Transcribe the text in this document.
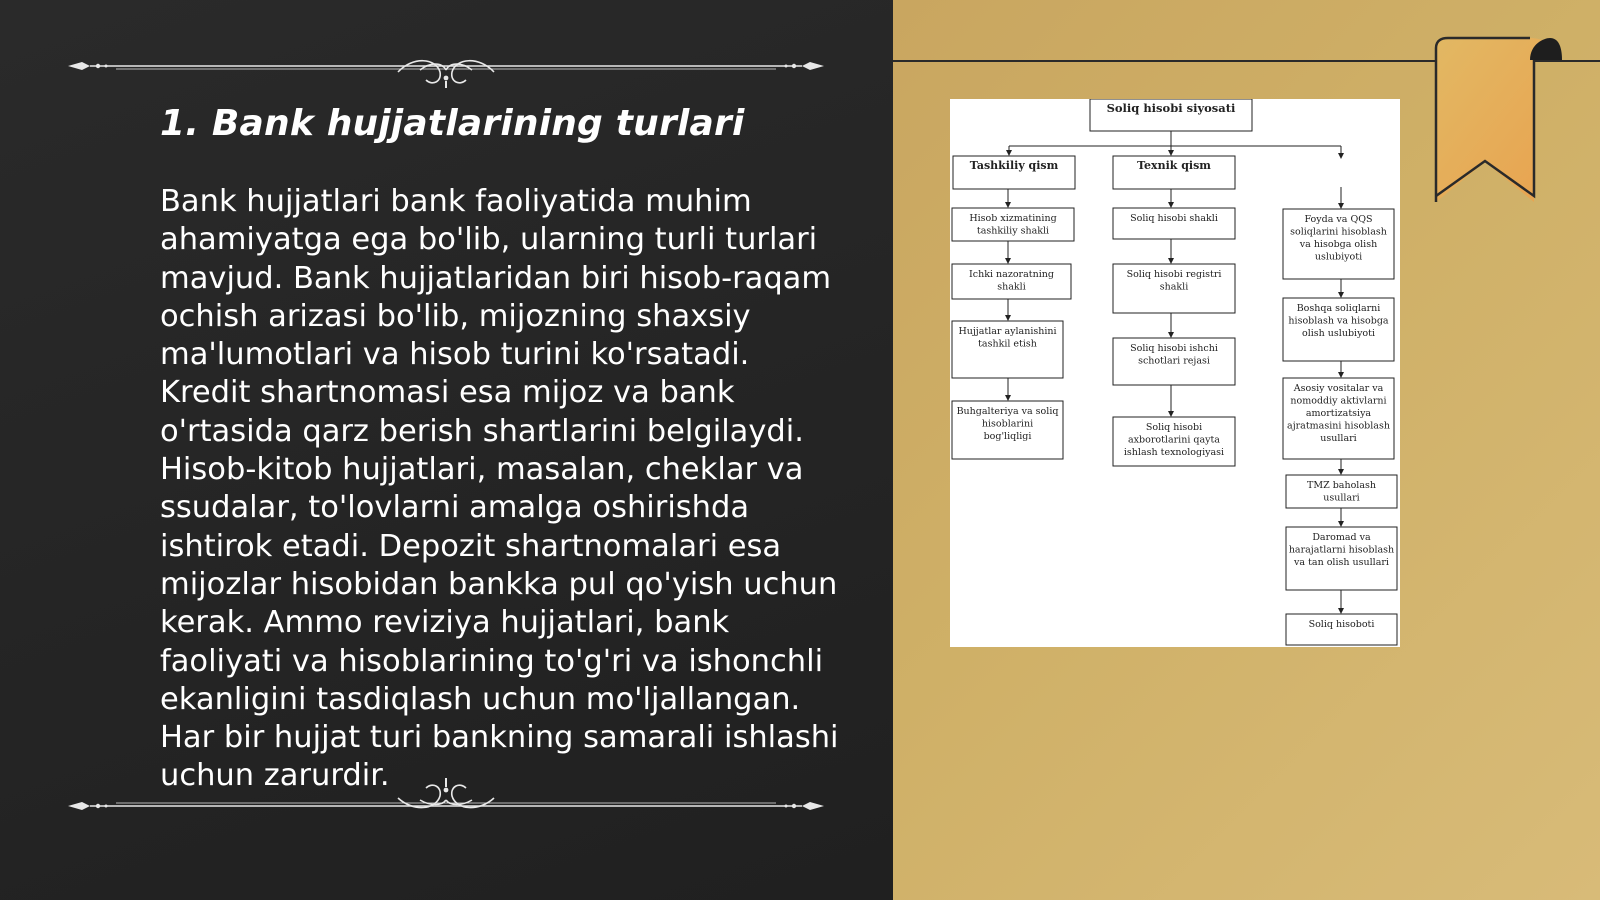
1. Bank hujjatlarining turlari

Bank hujjatlari bank faoliyatida muhim ahamiyatga ega bo'lib, ularning turli turlari mavjud. Bank hujjatlaridan biri hisob-raqam ochish arizasi bo'lib, mijozning shaxsiy ma'lumotlari va hisob turini ko'rsatadi. Kredit shartnomasi esa mijoz va bank o'rtasida qarz berish shartlarini belgilaydi. Hisob-kitob hujjatlari, masalan, cheklar va ssudalar, to'lovlarni amalga oshirishda ishtirok etadi. Depozit shartnomalari esa mijozlar hisobidan bankka pul qo'yish uchun kerak. Ammo reviziya hujjatlari, bank faoliyati va hisoblarining to'g'ri va ishonchli ekanligini tasdiqlash uchun mo'ljallangan. Har bir hujjat turi bankning samarali ishlashi uchun zarurdir.

Soliq hisobi siyosati
Tashkiliy qism	Texnik qism
Hisob xizmatining tashkiliy shakli
Ichki nazoratning shakli
Hujjatlar aylanishini tashkil etish
Buhgalteriya va soliq hisoblarini bog'liqligi
Soliq hisobi shakli
Soliq hisobi registri shakli
Soliq hisobi ishchi schotlari rejasi
Soliq hisobi axborotlarini qayta ishlash texnologiyasi
Foyda va QQS soliqlarini hisoblash va hisobga olish uslubiyoti
Boshqa soliqlarni hisoblash va hisobga olish uslubiyoti
Asosiy vositalar va nomoddiy aktivlarni amortizatsiya ajratmasini hisoblash usullari
TMZ baholash usullari
Daromad va harajatlarni hisoblash va tan olish usullari
Soliq hisoboti
